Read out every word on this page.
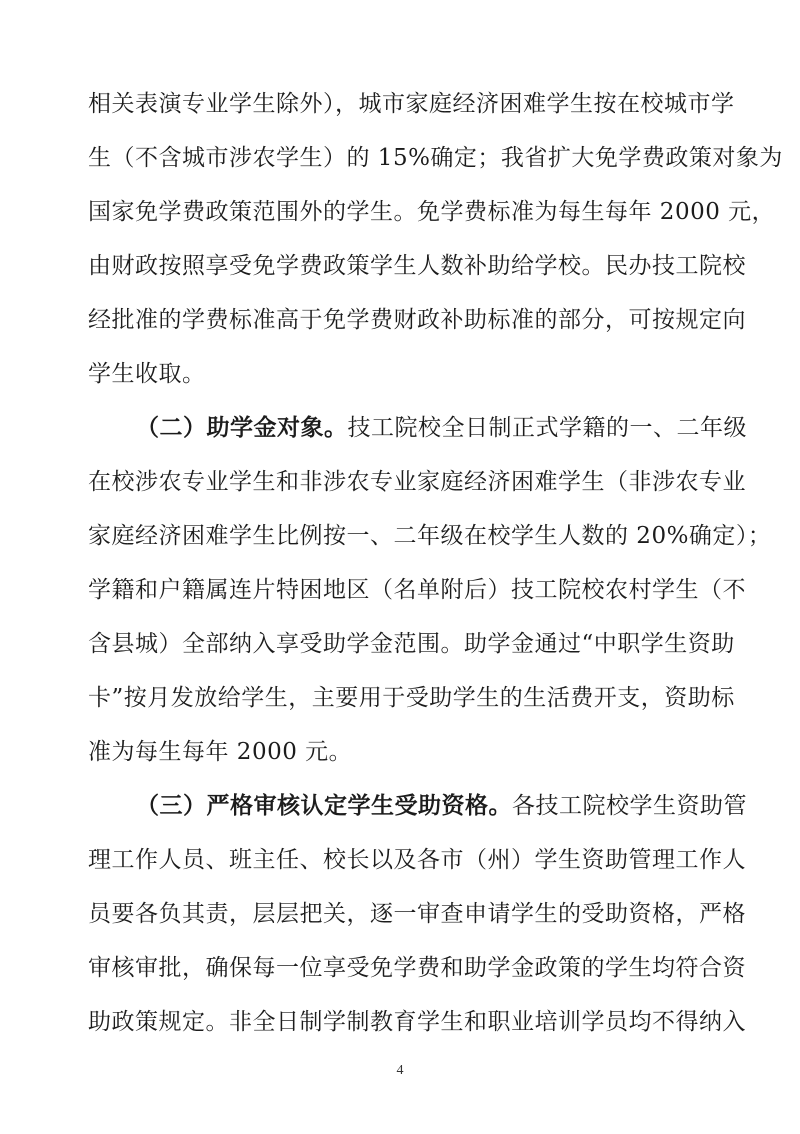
相关表演专业学生除外），城市家庭经济困难学生按在校城市学
生（不含城市涉农学生）的 15%确定；我省扩大免学费政策对象为
国家免学费政策范围外的学生。免学费标准为每生每年 2000 元，
由财政按照享受免学费政策学生人数补助给学校。民办技工院校
经批准的学费标准高于免学费财政补助标准的部分，可按规定向
学生收取。
（二）助学金对象。技工院校全日制正式学籍的一、二年级
在校涉农专业学生和非涉农专业家庭经济困难学生（非涉农专业
家庭经济困难学生比例按一、二年级在校学生人数的 20%确定）；
学籍和户籍属连片特困地区（名单附后）技工院校农村学生（不
含县城）全部纳入享受助学金范围。助学金通过“中职学生资助
卡”按月发放给学生，主要用于受助学生的生活费开支，资助标
准为每生每年 2000 元。
（三）严格审核认定学生受助资格。各技工院校学生资助管
理工作人员、班主任、校长以及各市（州）学生资助管理工作人
员要各负其责，层层把关，逐一审查申请学生的受助资格，严格
审核审批，确保每一位享受免学费和助学金政策的学生均符合资
助政策规定。非全日制学制教育学生和职业培训学员均不得纳入
4
